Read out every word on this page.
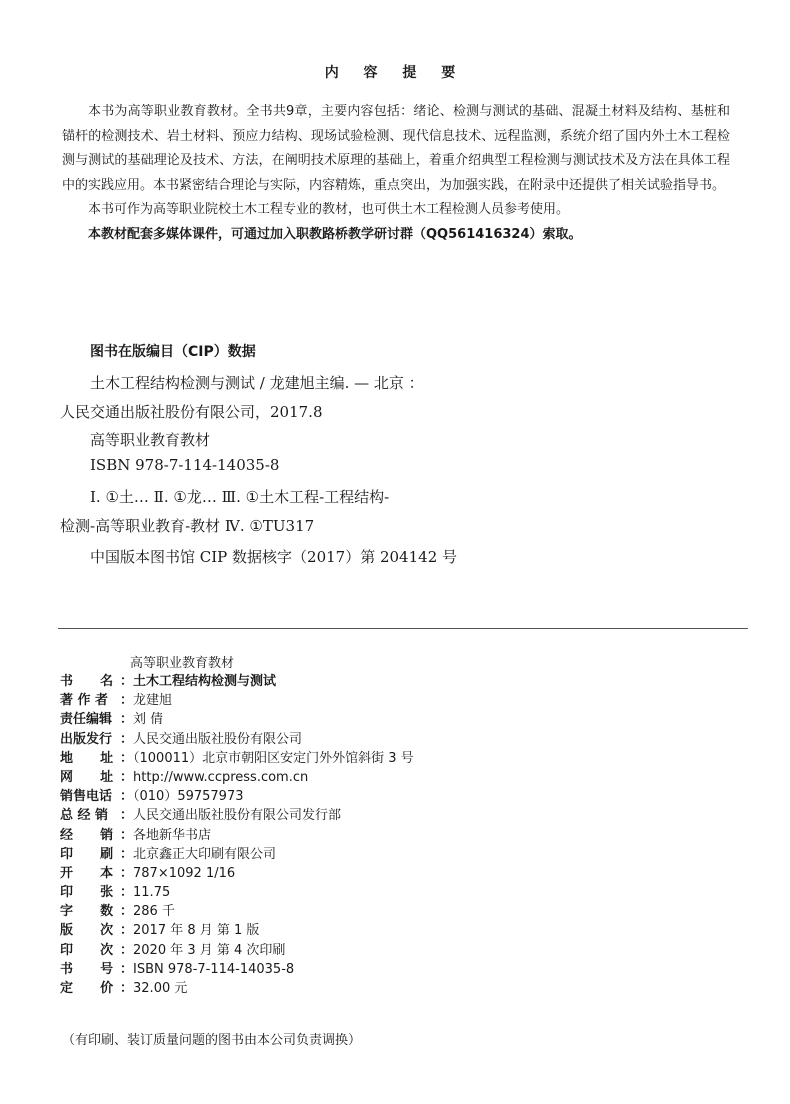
内 容 提 要

本书为高等职业教育教材。全书共9章，主要内容包括：绪论、检测与测试的基础、混凝土材料及结构、基桩和锚杆的检测技术、岩土材料、预应力结构、现场试验检测、现代信息技术、远程监测，系统介绍了国内外土木工程检测与测试的基础理论及技术、方法，在阐明技术原理的基础上，着重介绍典型工程检测与测试技术及方法在具体工程中的实践应用。本书紧密结合理论与实际，内容精炼，重点突出，为加强实践，在附录中还提供了相关试验指导书。

本书可作为高等职业院校土木工程专业的教材，也可供土木工程检测人员参考使用。

本教材配套多媒体课件，可通过加入职教路桥教学研讨群（QQ561416324）索取。

图书在版编目（CIP）数据
土木工程结构检测与测试 / 龙建旭主编. — 北京 ：
人民交通出版社股份有限公司，2017.8
高等职业教育教材
ISBN 978-7-114-14035-8
Ⅰ. ①土… Ⅱ. ①龙… Ⅲ. ①土木工程-工程结构-
检测-高等职业教育-教材 Ⅳ. ①TU317
中国版本图书馆 CIP 数据核字（2017）第 204142 号
高等职业教育教材
书      名 ：土木工程结构检测与测试
著 作 者 ：龙建旭
责任编辑 ：刘 倩
出版发行 ：人民交通出版社股份有限公司
地      址 ：（100011）北京市朝阳区安定门外外馆斜街 3 号
网      址 ：http://www.ccpress.com.cn
销售电话 ：（010）59757973
总 经 销 ：人民交通出版社股份有限公司发行部
经      销 ：各地新华书店
印      刷 ：北京鑫正大印刷有限公司
开      本 ：787×1092 1/16
印      张 ：11.75
字      数 ：286 千
版      次 ：2017 年 8 月 第 1 版
印      次 ：2020 年 3 月 第 4 次印刷
书      号 ：ISBN 978-7-114-14035-8
定      价 ：32.00 元
（有印刷、装订质量问题的图书由本公司负责调换）
